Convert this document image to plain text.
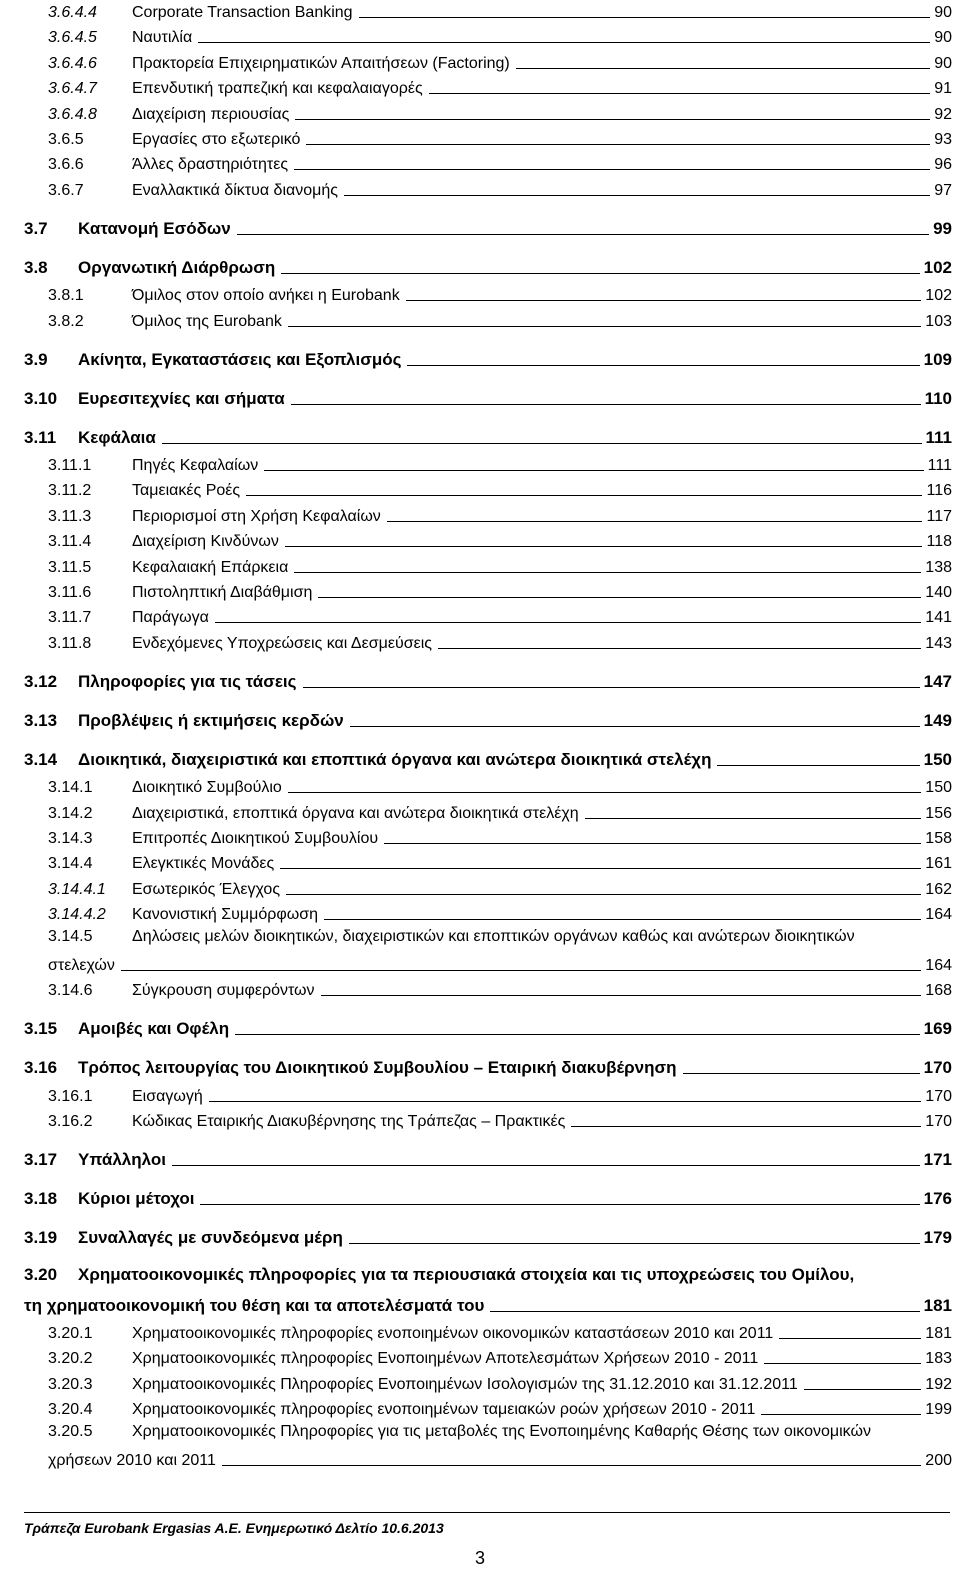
3.6.4.4	Corporate Transaction Banking	90
3.6.4.5	Ναυτιλία	90
3.6.4.6	Πρακτορεία Επιχειρηματικών Απαιτήσεων (Factoring)	90
3.6.4.7	Επενδυτική τραπεζική και κεφαλαιαγορές	91
3.6.4.8	Διαχείριση περιουσίας	92
3.6.5	Εργασίες στο εξωτερικό	93
3.6.6	Άλλες δραστηριότητες	96
3.6.7	Εναλλακτικά δίκτυα διανομής	97
3.7	Κατανομή Εσόδων	99
3.8	Οργανωτική Διάρθρωση	102
3.8.1	Όμιλος στον οποίο ανήκει η Eurobank	102
3.8.2	Όμιλος της Eurobank	103
3.9	Ακίνητα, Εγκαταστάσεις και Εξοπλισμός	109
3.10	Ευρεσιτεχνίες και σήματα	110
3.11	Κεφάλαια	111
3.11.1	Πηγές Κεφαλαίων	111
3.11.2	Ταμειακές Ροές	116
3.11.3	Περιορισμοί στη Χρήση Κεφαλαίων	117
3.11.4	Διαχείριση Κινδύνων	118
3.11.5	Κεφαλαιακή Επάρκεια	138
3.11.6	Πιστοληπτική Διαβάθμιση	140
3.11.7	Παράγωγα	141
3.11.8	Ενδεχόμενες Υποχρεώσεις και Δεσμεύσεις	143
3.12	Πληροφορίες για τις τάσεις	147
3.13	Προβλέψεις ή εκτιμήσεις κερδών	149
3.14	Διοικητικά, διαχειριστικά και εποπτικά όργανα και ανώτερα διοικητικά στελέχη	150
3.14.1	Διοικητικό Συμβούλιο	150
3.14.2	Διαχειριστικά, εποπτικά όργανα και ανώτερα διοικητικά στελέχη	156
3.14.3	Επιτροπές Διοικητικού Συμβουλίου	158
3.14.4	Ελεγκτικές Μονάδες	161
3.14.4.1	Εσωτερικός Έλεγχος	162
3.14.4.2	Κανονιστική Συμμόρφωση	164
3.14.5 Δηλώσεις μελών διοικητικών, διαχειριστικών και εποπτικών οργάνων καθώς και ανώτερων διοικητικών
στελεχών	164
3.14.6	Σύγκρουση συμφερόντων	168
3.15	Αμοιβές και Οφέλη	169
3.16	Τρόπος λειτουργίας του Διοικητικού Συμβουλίου – Εταιρική διακυβέρνηση	170
3.16.1	Εισαγωγή	170
3.16.2	Κώδικας Εταιρικής Διακυβέρνησης της Τράπεζας – Πρακτικές	170
3.17	Υπάλληλοι	171
3.18	Κύριοι μέτοχοι	176
3.19	Συναλλαγές με συνδεόμενα μέρη	179
3.20 Χρηματοοικονομικές πληροφορίες για τα περιουσιακά στοιχεία και τις υποχρεώσεις του Ομίλου,
τη χρηματοοικονομική του θέση και τα αποτελέσματά του	181
3.20.1	Χρηματοοικονομικές πληροφορίες ενοποιημένων οικονομικών καταστάσεων 2010 και 2011	181
3.20.2	Χρηματοοικονομικές πληροφορίες Ενοποιημένων Αποτελεσμάτων Χρήσεων 2010 - 2011	183
3.20.3	Χρηματοοικονομικές Πληροφορίες Ενοποιημένων Ισολογισμών της 31.12.2010 και 31.12.2011	192
3.20.4	Χρηματοοικονομικές πληροφορίες ενοποιημένων ταμειακών ροών χρήσεων 2010 - 2011	199
3.20.5 Χρηματοοικονομικές Πληροφορίες για τις μεταβολές της Ενοποιημένης Καθαρής Θέσης των οικονομικών
χρήσεων 2010 και 2011	200
Τράπεζα Eurobank Ergasias A.E. Ενημερωτικό Δελτίο 10.6.2013
3
